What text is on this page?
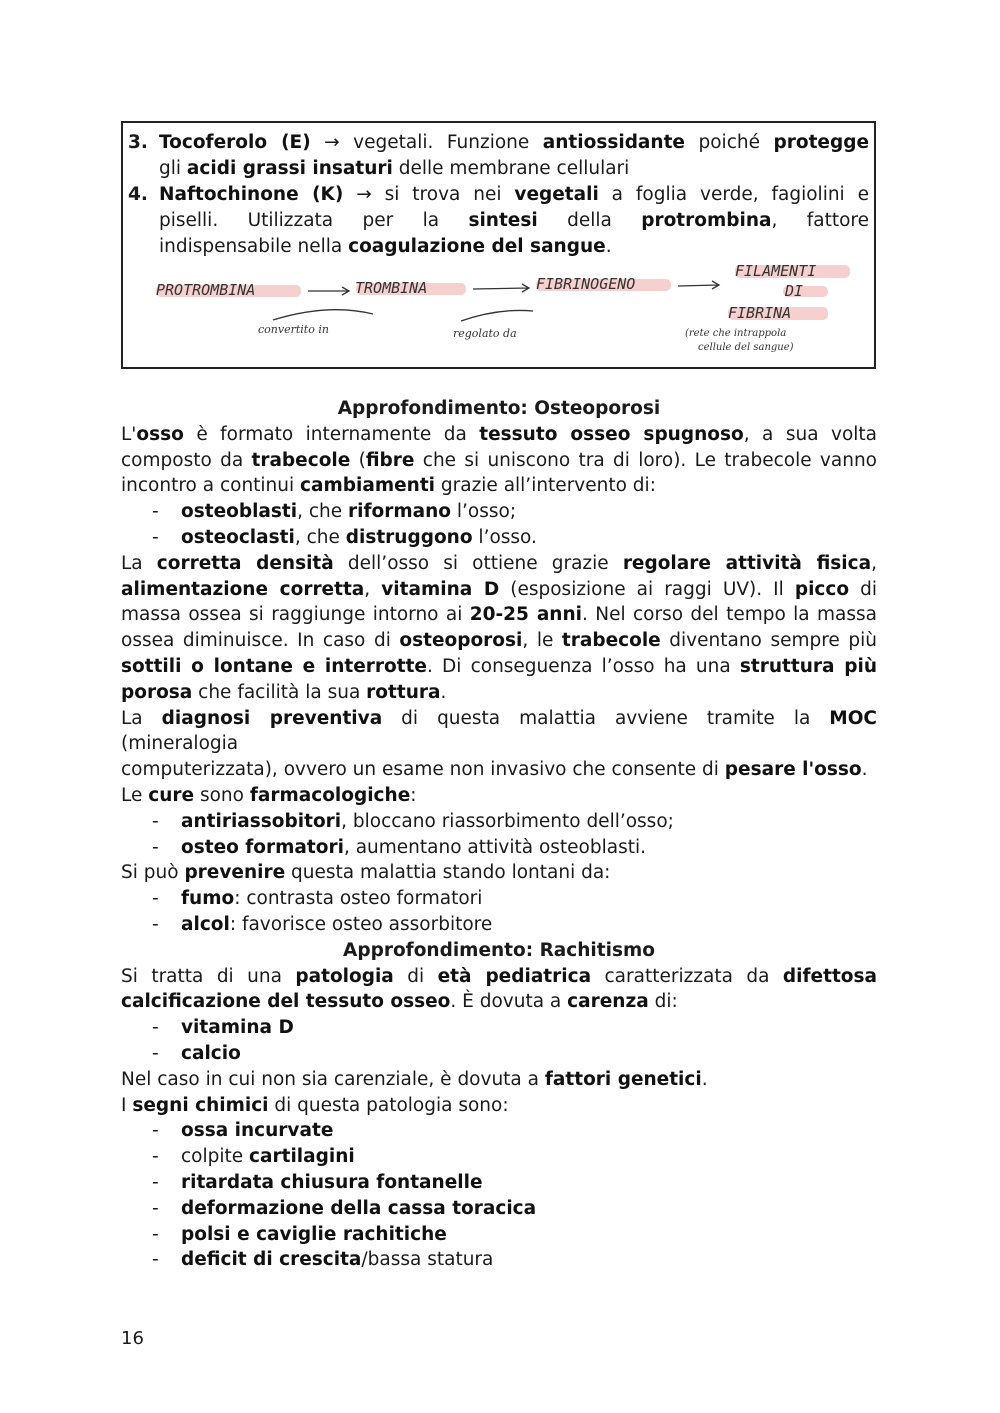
3. Tocoferolo (E) → vegetali. Funzione antiossidante poiché protegge
gli acidi grassi insaturi delle membrane cellulari
4. Naftochinone (K) → si trova nei vegetali a foglia verde, fagiolini e
piselli. Utilizzata per la sintesi della protrombina, fattore
indispensabile nella coagulazione del sangue.
PROTROMBINA	TROMBINA	FIBRINOGENO
FILAMENTI
DI
FIBRINA
convertito in	regolato da	(rete che intrappola
cellule del sangue)

Approfondimento: Osteoporosi

L'osso è formato internamente da tessuto osseo spugnoso, a sua volta

composto da trabecole (fibre che si uniscono tra di loro). Le trabecole vanno

incontro a continui cambiamenti grazie all’intervento di:

- osteoblasti, che riformano l’osso;

- osteoclasti, che distruggono l’osso.

La corretta densità dell’osso si ottiene grazie regolare attività fisica,

alimentazione corretta, vitamina D (esposizione ai raggi UV). Il picco di

massa ossea si raggiunge intorno ai 20-25 anni. Nel corso del tempo la massa

ossea diminuisce. In caso di osteoporosi, le trabecole diventano sempre più

sottili o lontane e interrotte. Di conseguenza l’osso ha una struttura più

porosa che facilità la sua rottura.

La diagnosi preventiva di questa malattia avviene tramite la MOC (mineralogia

computerizzata), ovvero un esame non invasivo che consente di pesare l'osso.

Le cure sono farmacologiche:

- antiriassobitori, bloccano riassorbimento dell’osso;

- osteo formatori, aumentano attività osteoblasti.

Si può prevenire questa malattia stando lontani da:

- fumo: contrasta osteo formatori

- alcol: favorisce osteo assorbitore

Approfondimento: Rachitismo

Si tratta di una patologia di età pediatrica caratterizzata da difettosa

calcificazione del tessuto osseo. È dovuta a carenza di:

- vitamina D

- calcio

Nel caso in cui non sia carenziale, è dovuta a fattori genetici.

I segni chimici di questa patologia sono:

- ossa incurvate

- colpite cartilagini

- ritardata chiusura fontanelle

- deformazione della cassa toracica

- polsi e caviglie rachitiche

- deficit di crescita/bassa statura

16
